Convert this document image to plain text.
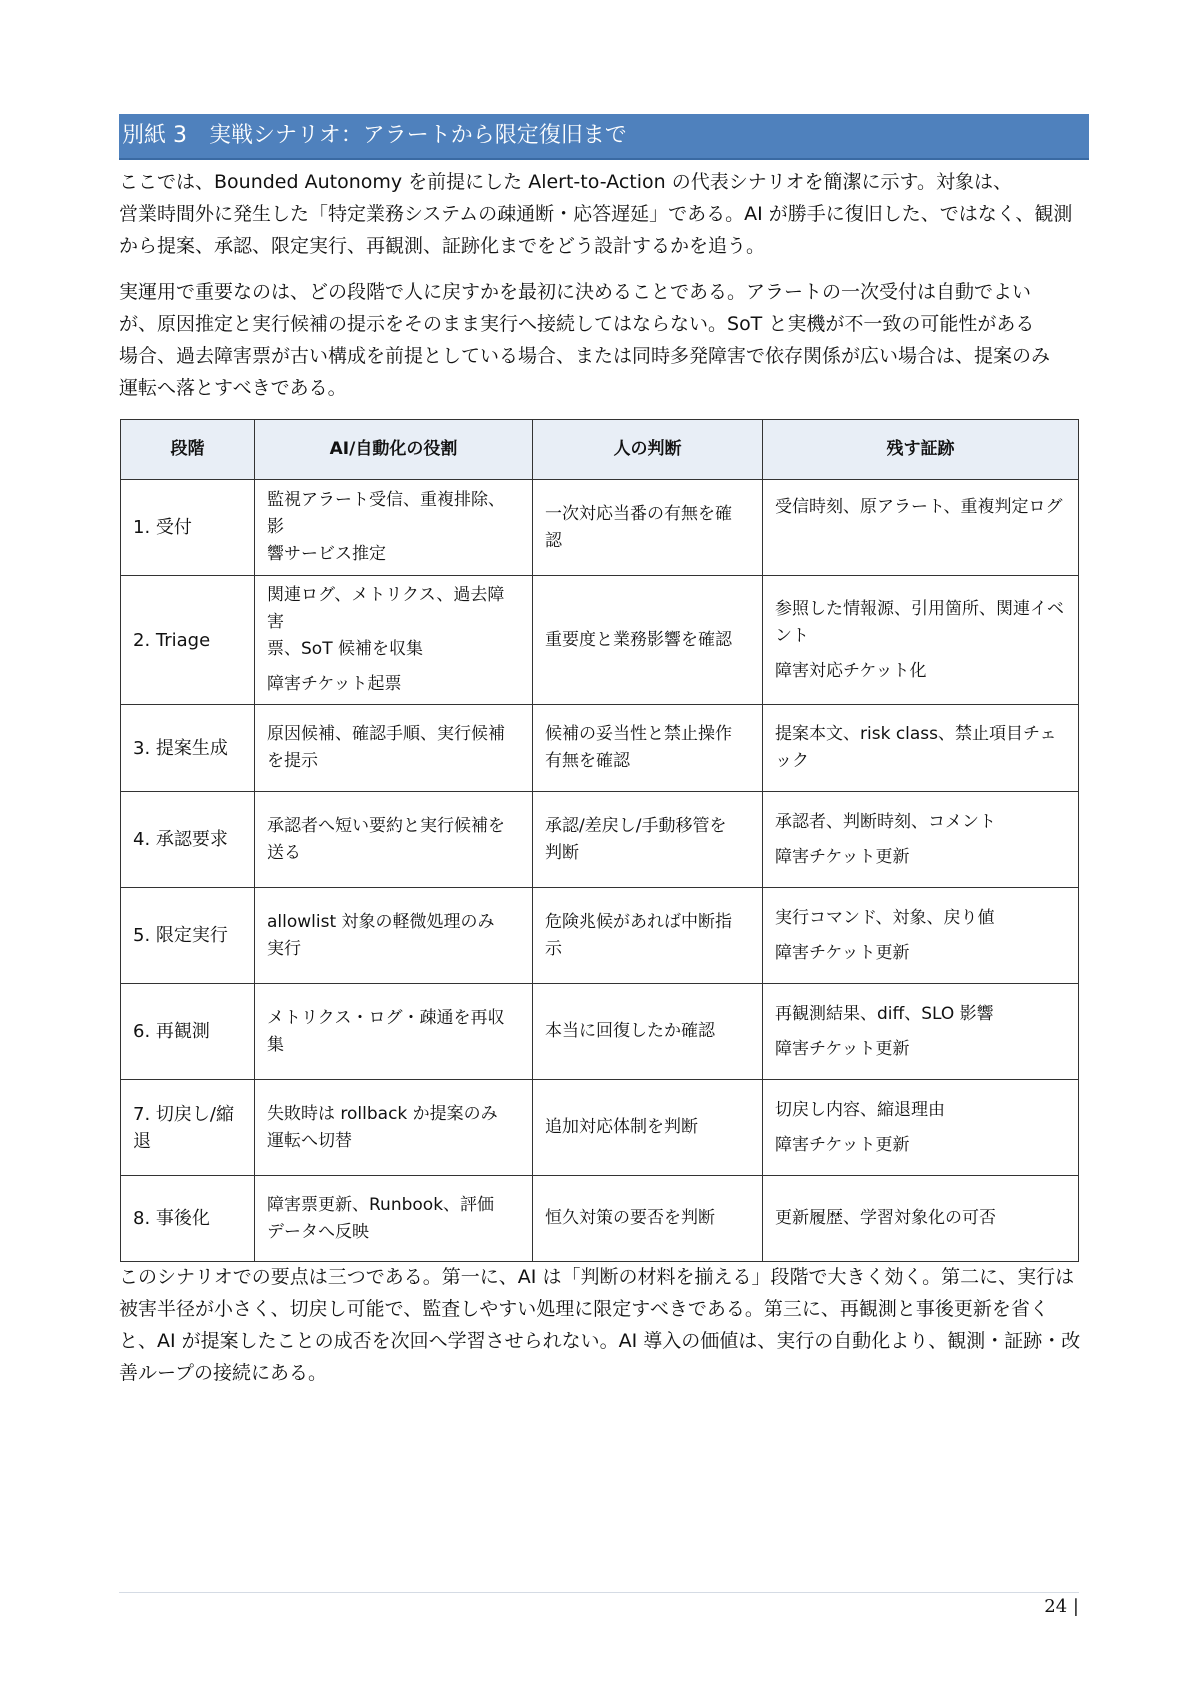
別紙 3　実戦シナリオ：アラートから限定復旧まで
ここでは、Bounded Autonomy を前提にした Alert-to-Action の代表シナリオを簡潔に示す。対象は、
営業時間外に発生した「特定業務システムの疎通断・応答遅延」である。AI が勝手に復旧した、ではなく、観測
から提案、承認、限定実行、再観測、証跡化までをどう設計するかを追う。
実運用で重要なのは、どの段階で人に戻すかを最初に決めることである。アラートの一次受付は自動でよい
が、原因推定と実行候補の提示をそのまま実行へ接続してはならない。SoT と実機が不一致の可能性がある
場合、過去障害票が古い構成を前提としている場合、または同時多発障害で依存関係が広い場合は、提案のみ
運転へ落とすべきである。
段階	AI/自動化の役割	人の判断	残す証跡
1. 受付	監視アラート受信、重複排除、影
響サービス推定	一次対応当番の有無を確
認	受信時刻、原アラート、重複判定ログ

2. Triage	関連ログ、メトリクス、過去障害
票、SoT 候補を収集
障害チケット起票	重要度と業務影響を確認	参照した情報源、引用箇所、関連イベ
ント
障害対応チケット化

3. 提案生成	原因候補、確認手順、実行候補
を提示	候補の妥当性と禁止操作
有無を確認	提案本文、risk class、禁止項目チェ
ック

4. 承認要求	承認者へ短い要約と実行候補を
送る	承認/差戻し/手動移管を
判断	承認者、判断時刻、コメント
障害チケット更新

5. 限定実行	allowlist 対象の軽微処理のみ
実行	危険兆候があれば中断指
示	実行コマンド、対象、戻り値
障害チケット更新

6. 再観測	メトリクス・ログ・疎通を再収集	本当に回復したか確認	再観測結果、diff、SLO 影響
障害チケット更新

7. 切戻し/縮
退	失敗時は rollback か提案のみ
運転へ切替	追加対応体制を判断	切戻し内容、縮退理由
障害チケット更新

8. 事後化	障害票更新、Runbook、評価
データへ反映	恒久対策の要否を判断	更新履歴、学習対象化の可否
このシナリオでの要点は三つである。第一に、AI は「判断の材料を揃える」段階で大きく効く。第二に、実行は
被害半径が小さく、切戻し可能で、監査しやすい処理に限定すべきである。第三に、再観測と事後更新を省く
と、AI が提案したことの成否を次回へ学習させられない。AI 導入の価値は、実行の自動化より、観測・証跡・改
善ループの接続にある。
24 |
